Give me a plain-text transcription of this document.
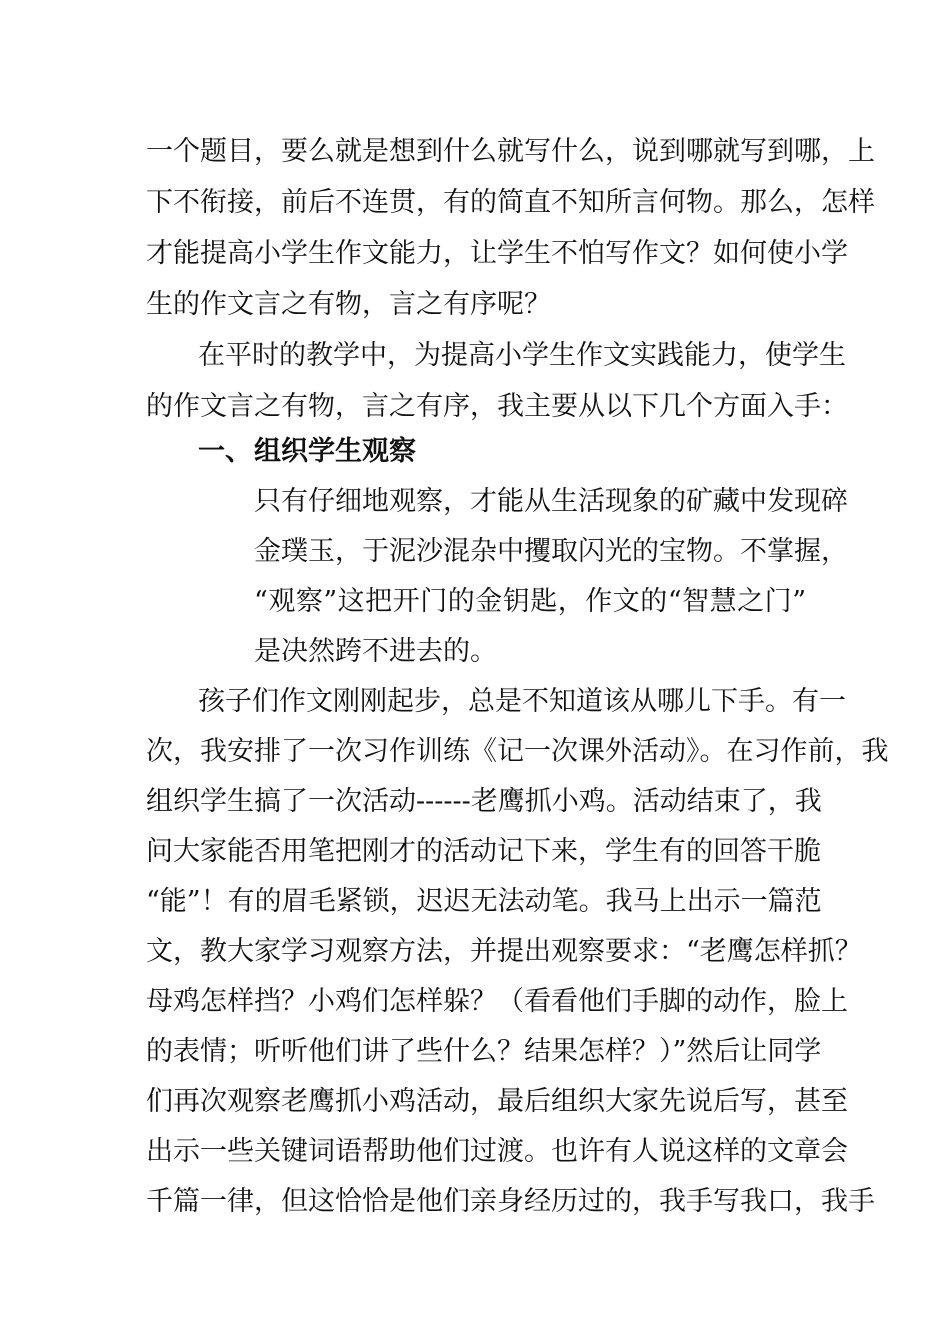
一个题目，要么就是想到什么就写什么，说到哪就写到哪，上
下不衔接，前后不连贯，有的简直不知所言何物。那么，怎样
才能提高小学生作文能力，让学生不怕写作文？如何使小学
生的作文言之有物，言之有序呢？
在平时的教学中，为提高小学生作文实践能力，使学生
的作文言之有物，言之有序，我主要从以下几个方面入手：
一、组织学生观察
只有仔细地观察，才能从生活现象的矿藏中发现碎
金璞玉，于泥沙混杂中攫取闪光的宝物。不掌握，
“观察”这把开门的金钥匙，作文的“智慧之门”
是决然跨不进去的。
孩子们作文刚刚起步，总是不知道该从哪儿下手。有一
次，我安排了一次习作训练《记一次课外活动》。在习作前，我
组织学生搞了一次活动------老鹰抓小鸡。活动结束了，我
问大家能否用笔把刚才的活动记下来，学生有的回答干脆
“能”！有的眉毛紧锁，迟迟无法动笔。我马上出示一篇范
文，教大家学习观察方法，并提出观察要求：“老鹰怎样抓？
母鸡怎样挡？小鸡们怎样躲？（看看他们手脚的动作，脸上
的表情；听听他们讲了些什么？结果怎样？）”然后让同学
们再次观察老鹰抓小鸡活动，最后组织大家先说后写，甚至
出示一些关键词语帮助他们过渡。也许有人说这样的文章会
千篇一律，但这恰恰是他们亲身经历过的，我手写我口，我手
